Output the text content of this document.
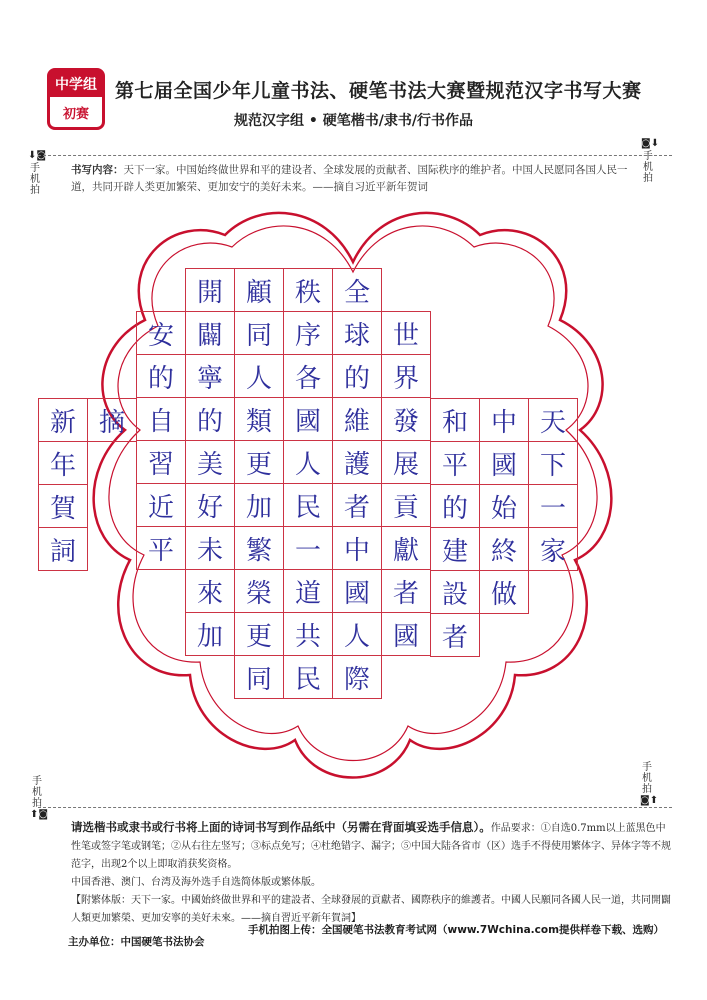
中学组
初赛
第七届全国少年儿童书法、硬笔书法大赛暨规范汉字书写大赛
规范汉字组 • 硬笔楷书/隶书/行书作品
⬇◙
手机拍
◙⬇
手机拍
手机拍
◙⬆
手机拍
⬆◙
书写内容：天下一家。中国始终做世界和平的建设者、全球发展的贡献者、国际秩序的维护者。中国人民愿同各国人民一道，共同开辟人类更加繁荣、更加安宁的美好未来。——摘自习近平新年贺词
天
下
一
家
中
國
始
終
做
和
平
的
建
設
者
世
界
發
展
貢
獻
者
國
全
球
的
維
護
者
中
國
人
際
秩
序
各
國
人
民
一
道
共
民
顧
同
人
類
更
加
繁
榮
更
同
開
闢
寧
的
美
好
未
來
加
安
的
自
習
近
平
摘
新
年
賀
詞
请选楷书或隶书或行书将上面的诗词书写到作品纸中（另需在背面填妥选手信息）。作品要求：①自选0.7mm以上蓝黑色中性笔或签字笔或钢笔；②从右往左竖写；③标点免写；④杜绝错字、漏字；⑤中国大陆各省市（区）选手不得使用繁体字、异体字等不规范字，出现2个以上即取消获奖资格。
中国香港、澳门、台湾及海外选手自选简体版或繁体版。
【附繁体版：天下一家。中國始終做世界和平的建設者、全球發展的貢獻者、國際秩序的維護者。中國人民願同各國人民一道，共同開闢人類更加繁榮、更加安寧的美好未來。——摘自習近平新年賀詞】
主办单位：中国硬笔书法协会
手机拍图上传：全国硬笔书法教育考试网（www.7Wchina.com提供样卷下载、选购）
